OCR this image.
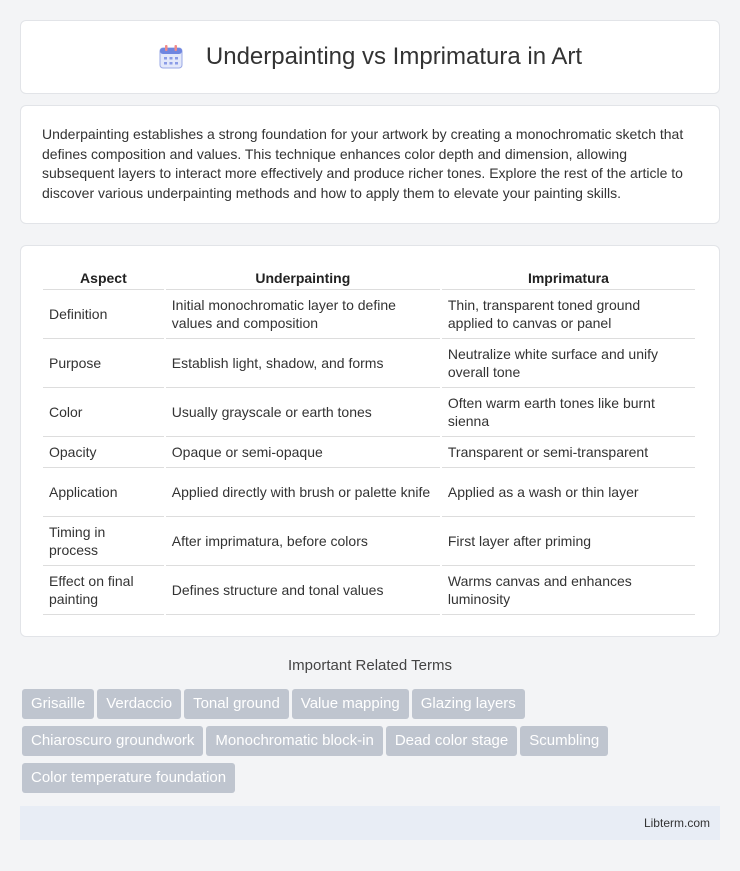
Underpainting vs Imprimatura in Art

Underpainting establishes a strong foundation for your artwork by creating a monochromatic sketch that defines composition and values. This technique enhances color depth and dimension, allowing subsequent layers to interact more effectively and produce richer tones. Explore the rest of the article to discover various underpainting methods and how to apply them to elevate your painting skills.

Aspect	Underpainting	Imprimatura
Definition	Initial monochromatic layer to define values and composition	Thin, transparent toned ground applied to canvas or panel
Purpose	Establish light, shadow, and forms	Neutralize white surface and unify overall tone
Color	Usually grayscale or earth tones	Often warm earth tones like burnt sienna
Opacity	Opaque or semi-opaque	Transparent or semi-transparent
Application	Applied directly with brush or palette knife	Applied as a wash or thin layer
Timing in process	After imprimatura, before colors	First layer after priming
Effect on final painting	Defines structure and tonal values	Warms canvas and enhances luminosity
Important Related Terms
Grisaille Verdaccio Tonal ground Value mapping Glazing layers
Chiaroscuro groundwork Monochromatic block-in Dead color stage Scumbling
Color temperature foundation
Libterm.com
